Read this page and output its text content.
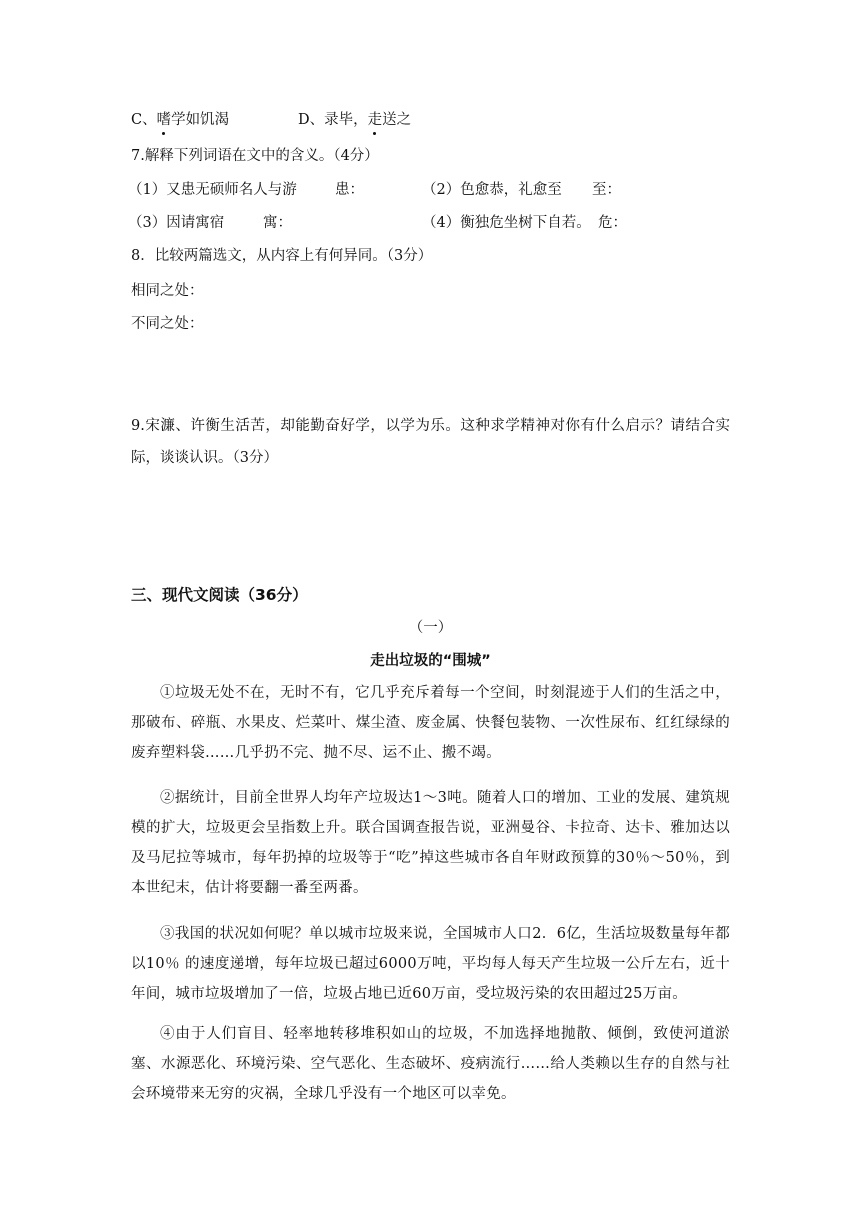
C、嗜学如饥渴	D、录毕，走送之
7.解释下列词语在文中的含义。（4分）
（1）又患无硕师名人与游	患：	（2）色愈恭，礼愈至 至：
（3）因请寓宿	寓：	（4）衡独危坐树下自若。 危：
8．比较两篇选文，从内容上有何异同。（3分）
相同之处：
不同之处：
9.宋濂、许衡生活苦，却能勤奋好学，以学为乐。这种求学精神对你有什么启示？请结合实际，谈谈认识。（3分）
三、现代文阅读（36分）
（一）
走出垃圾的“围城”
①垃圾无处不在，无时不有，它几乎充斥着每一个空间，时刻混迹于人们的生活之中，那破布、碎瓶、水果皮、烂菜叶、煤尘渣、废金属、快餐包装物、一次性尿布、红红绿绿的废弃塑料袋……几乎扔不完、抛不尽、运不止、搬不竭。
②据统计，目前全世界人均年产垃圾达1～3吨。随着人口的增加、工业的发展、建筑规模的扩大，垃圾更会呈指数上升。联合国调查报告说，亚洲曼谷、卡拉奇、达卡、雅加达以及马尼拉等城市，每年扔掉的垃圾等于“吃”掉这些城市各自年财政预算的30％～50％，到本世纪末，估计将要翻一番至两番。
③我国的状况如何呢？单以城市垃圾来说，全国城市人口2．6亿，生活垃圾数量每年都以10％ 的速度递增，每年垃圾已超过6000万吨，平均每人每天产生垃圾一公斤左右，近十年间，城市垃圾增加了一倍，垃圾占地已近60万亩，受垃圾污染的农田超过25万亩。
④由于人们盲目、轻率地转移堆积如山的垃圾，不加选择地抛散、倾倒，致使河道淤塞、水源恶化、环境污染、空气恶化、生态破坏、疫病流行……给人类赖以生存的自然与社会环境带来无穷的灾祸，全球几乎没有一个地区可以幸免。
